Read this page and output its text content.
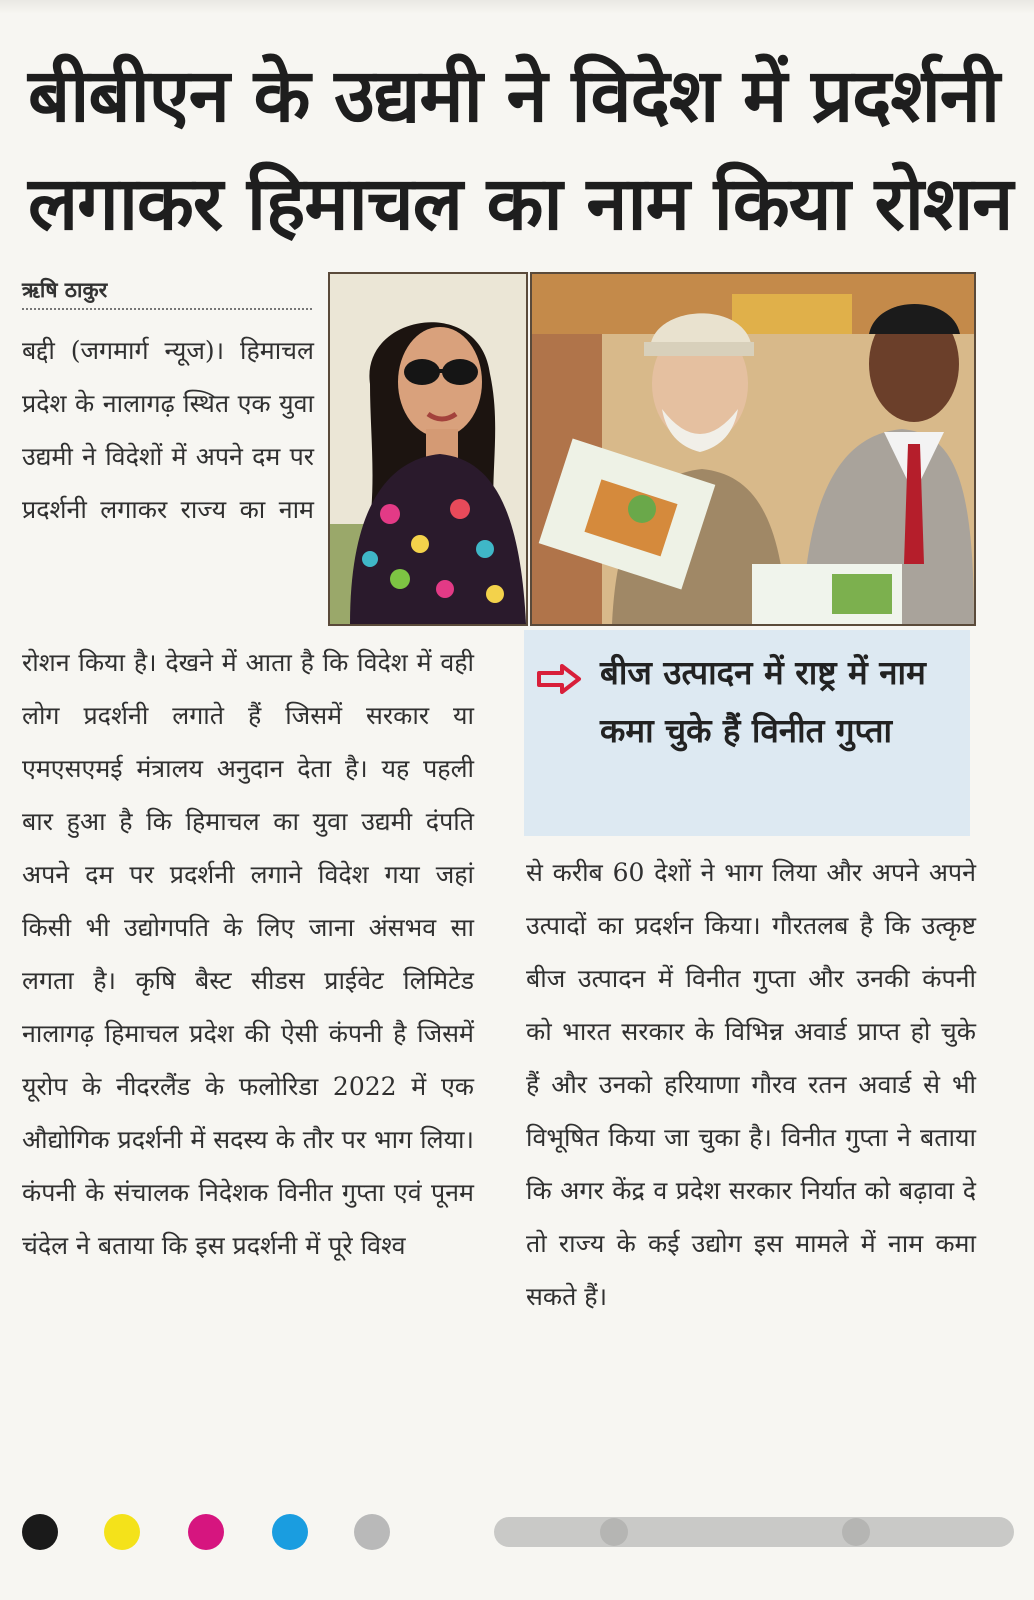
बीबीएन के उद्यमी ने विदेश में प्रदर्शनी
लगाकर हिमाचल का नाम किया रोशन
ऋषि ठाकुर
बद्दी (जगमार्ग न्यूज)। हिमाचल प्रदेश के नालागढ़ स्थित एक युवा उद्यमी ने विदेशों में अपने दम पर प्रदर्शनी लगाकर राज्य का नाम
बीज उत्पादन में राष्ट्र में नाम कमा चुके हैं विनीत गुप्ता
रोशन किया है। देखने में आता है कि विदेश में वही लोग प्रदर्शनी लगाते हैं जिसमें सरकार या एमएसएमई मंत्रालय अनुदान देता है। यह पहली बार हुआ है कि हिमाचल का युवा उद्यमी दंपति अपने दम पर प्रदर्शनी लगाने विदेश गया जहां किसी भी उद्योगपति के लिए जाना अंसभव सा लगता है। कृषि बैस्ट सीडस प्राईवेट लिमिटेड नालागढ़ हिमाचल प्रदेश की ऐसी कंपनी है जिसमें यूरोप के नीदरलैंड के फलोरिडा 2022 में एक औद्योगिक प्रदर्शनी में सदस्य के तौर पर भाग लिया। कंपनी के संचालक निदेशक विनीत गुप्ता एवं पूनम चंदेल ने बताया कि इस प्रदर्शनी में पूरे विश्व
से करीब 60 देशों ने भाग लिया और अपने अपने उत्पादों का प्रदर्शन किया। गौरतलब है कि उत्कृष्ट बीज उत्पादन में विनीत गुप्ता और उनकी कंपनी को भारत सरकार के विभिन्न अवार्ड प्राप्त हो चुके हैं और उनको हरियाणा गौरव रतन अवार्ड से भी विभूषित किया जा चुका है। विनीत गुप्ता ने बताया कि अगर केंद्र व प्रदेश सरकार निर्यात को बढ़ावा दे तो राज्य के कई उद्योग इस मामले में नाम कमा सकते हैं।
